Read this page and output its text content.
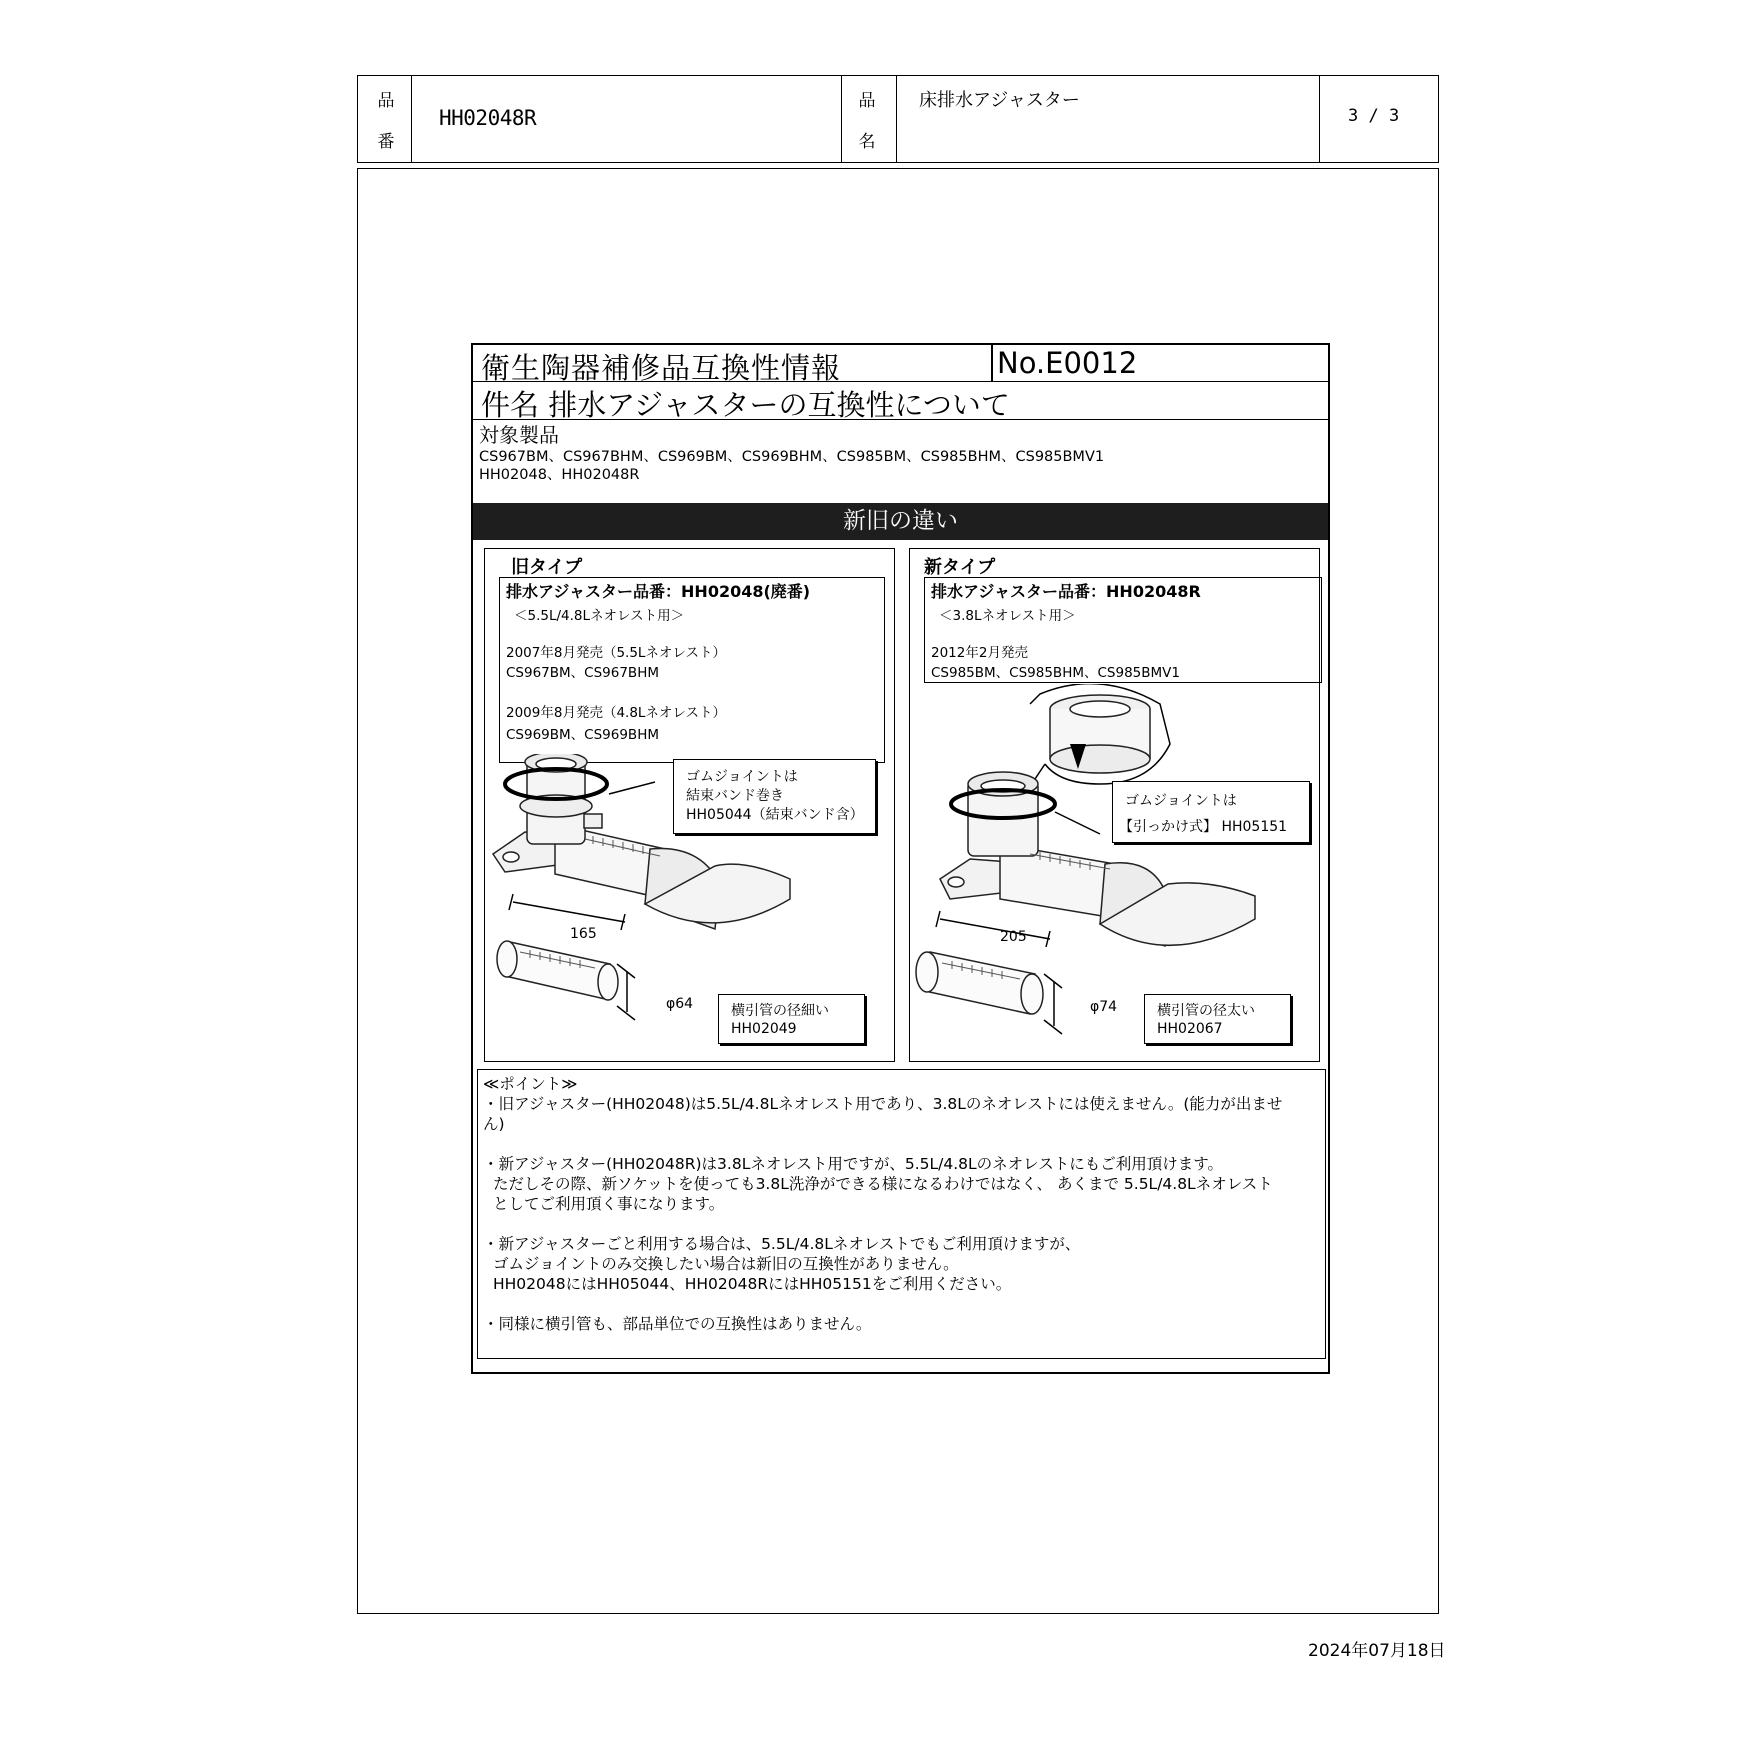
品
番
HH02048R
品
名
床排水アジャスター
3 / 3
衛生陶器補修品互換性情報	No.E0012
件名 排水アジャスターの互換性について
対象製品
CS967BM、CS967BHM、CS969BM、CS969BHM、CS985BM、CS985BHM、CS985BMV1
HH02048、HH02048R
新旧の違い
旧タイプ
排水アジャスター品番：HH02048(廃番)
＜5.5L/4.8Lネオレスト用＞
2007年8月発売（5.5Lネオレスト）
CS967BM、CS967BHM
2009年8月発売（4.8Lネオレスト）
CS969BM、CS969BHM
165
φ64
ゴムジョイントは
結束バンド巻き
HH05044（結束バンド含）
横引管の径細い
HH02049
新タイプ
排水アジャスター品番：HH02048R
＜3.8Lネオレスト用＞
2012年2月発売
CS985BM、CS985BHM、CS985BMV1
205
φ74
ゴムジョイントは
【引っかけ式】 HH05151
横引管の径太い
HH02067
≪ポイント≫
・旧アジャスター(HH02048)は5.5L/4.8Lネオレスト用であり、3.8Lのネオレストには使えません。(能力が出ませ
ん)
・新アジャスター(HH02048R)は3.8Lネオレスト用ですが、5.5L/4.8Lのネオレストにもご利用頂けます。
ただしその際、新ソケットを使っても3.8L洗浄ができる様になるわけではなく、 あくまで 5.5L/4.8Lネオレスト
としてご利用頂く事になります。
・新アジャスターごと利用する場合は、5.5L/4.8Lネオレストでもご利用頂けますが、
ゴムジョイントのみ交換したい場合は新旧の互換性がありません。
HH02048にはHH05044、HH02048RにはHH05151をご利用ください。
・同様に横引管も、部品単位での互換性はありません。
2024年07月18日
